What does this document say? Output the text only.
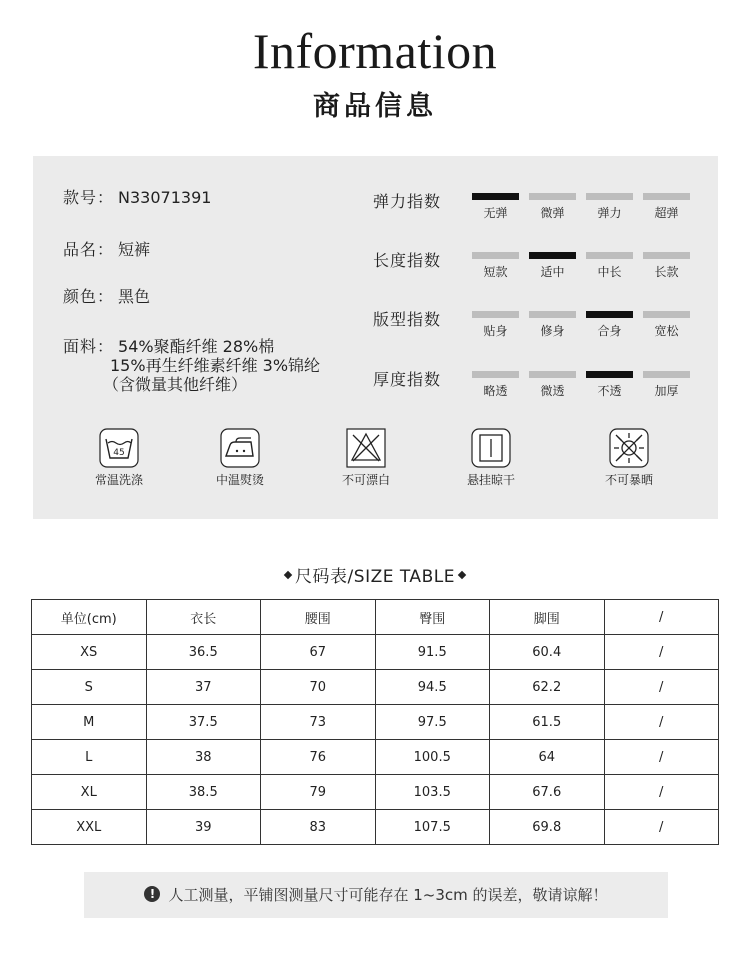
Information
商品信息
款号： N33071391
品名： 短裤
颜色： 黑色
面料： 54%聚酯纤维 28%棉
15%再生纤维素纤维 3%锦纶
（含微量其他纤维）
弹力指数
无弹	微弹	弹力	超弹
长度指数
短款	适中	中长	长款
版型指数
贴身	修身	合身	宽松
厚度指数
略透	微透	不透	加厚
45
常温洗涤	中温熨烫	不可漂白	悬挂晾干	不可暴晒
尺码表/SIZE TABLE
单位(cm)	衣长	腰围	臀围	脚围	/
XS	36.5	67	91.5	60.4	/
S	37	70	94.5	62.2	/
M	37.5	73	97.5	61.5	/
L	38	76	100.5	64	/
XL	38.5	79	103.5	67.6	/
XXL	39	83	107.5	69.8	/
! 人工测量，平铺图测量尺寸可能存在 1~3cm 的误差，敬请谅解！
